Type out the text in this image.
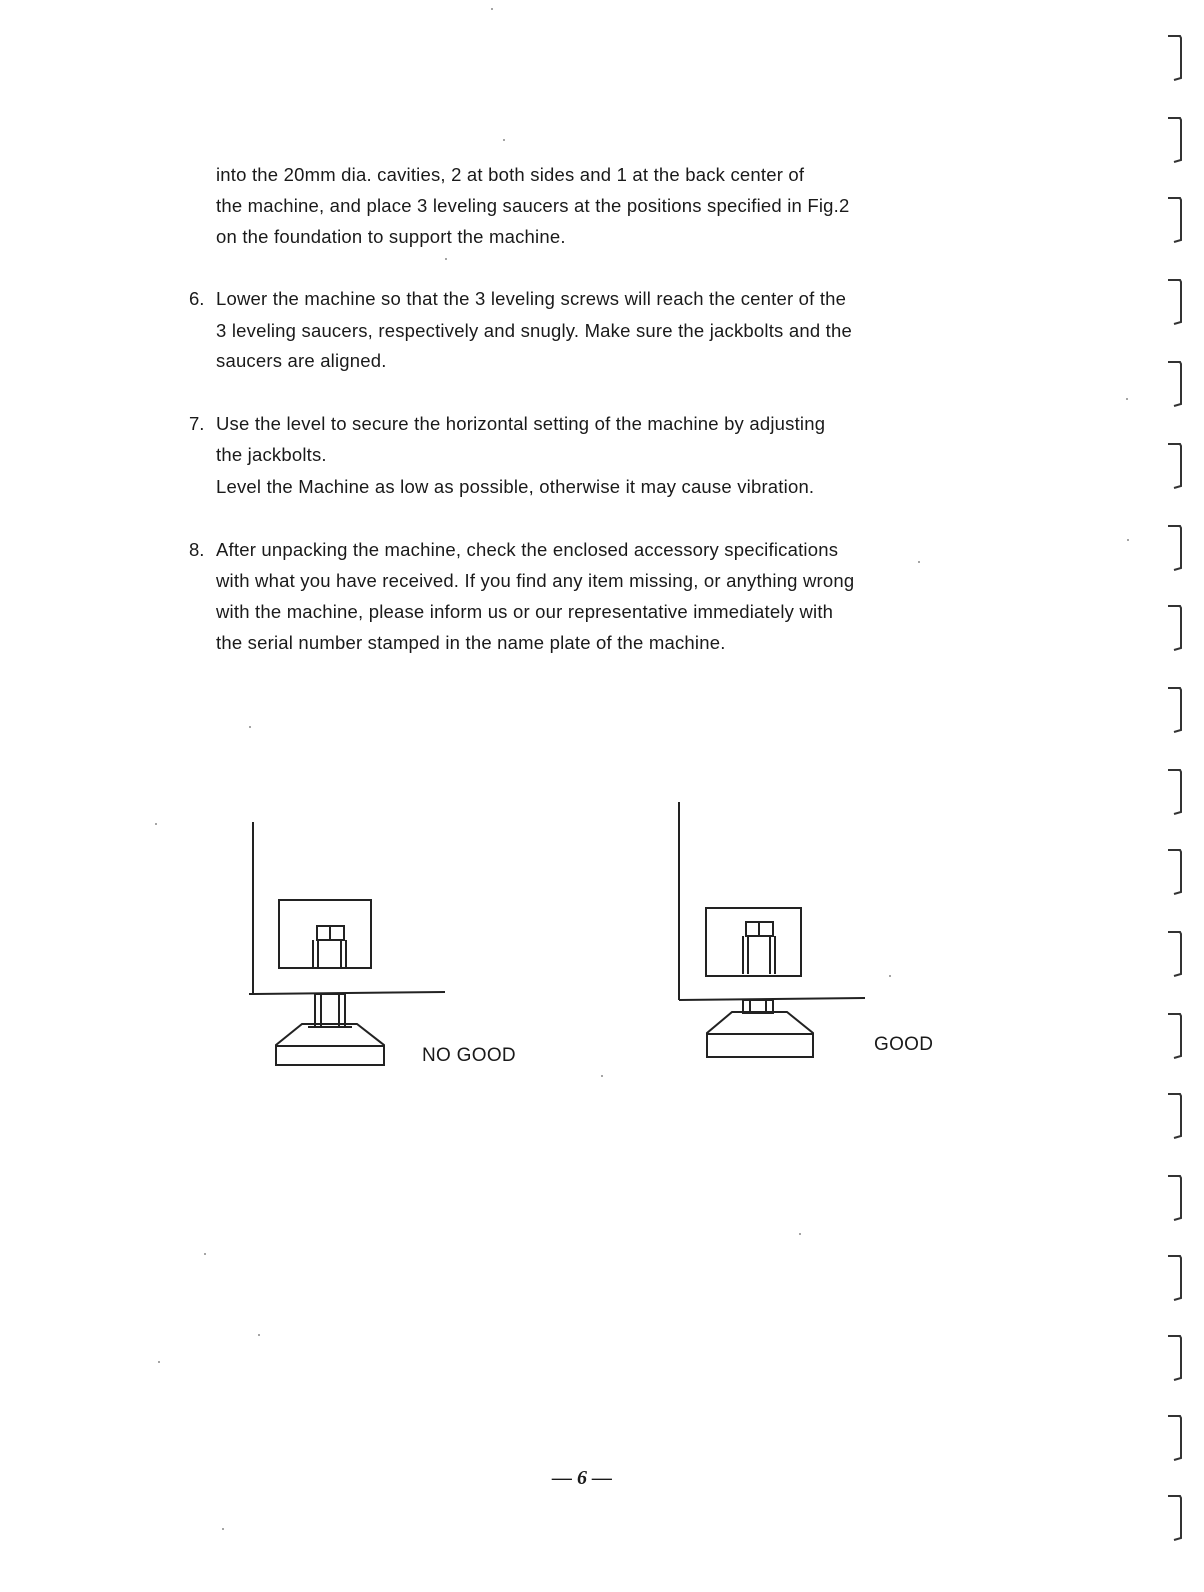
into the 20mm dia. cavities, 2 at both sides and 1 at the back center of
the machine, and place 3 leveling saucers at the positions specified in Fig.2
on the foundation to support the machine.
6. Lower the machine so that the 3 leveling screws will reach the center of the
3 leveling saucers, respectively and snugly. Make sure the jackbolts and the
saucers are aligned.
7. Use the level to secure the horizontal setting of the machine by adjusting
the jackbolts.
Level the Machine as low as possible, otherwise it may cause vibration.
8. After unpacking the machine, check the enclosed accessory specifications
with what you have received. If you find any item missing, or anything wrong
with the machine, please inform us or our representative immediately with
the serial number stamped in the name plate of the machine.
NO GOOD
GOOD
— 6 —
